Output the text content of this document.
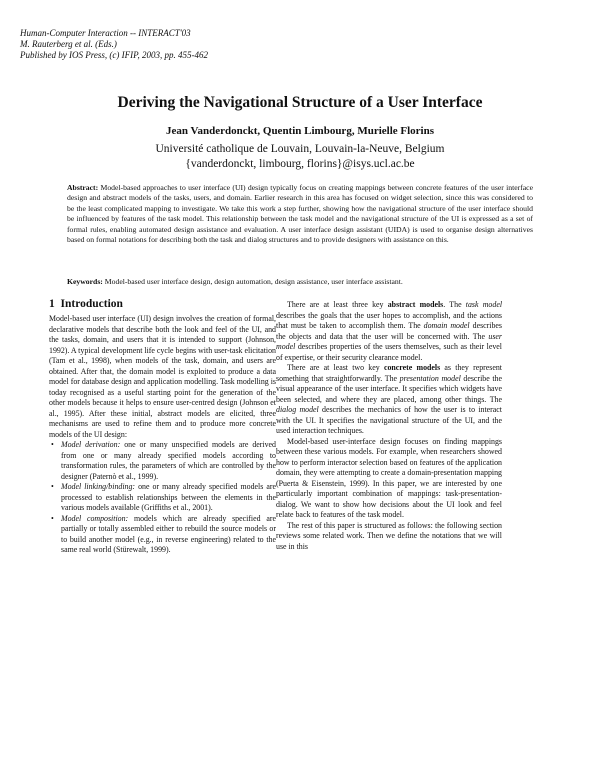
Human-Computer Interaction -- INTERACT'03
M. Rauterberg et al. (Eds.)
Published by IOS Press, (c) IFIP, 2003, pp. 455-462
Deriving the Navigational Structure of a User Interface
Jean Vanderdonckt, Quentin Limbourg, Murielle Florins
Université catholique de Louvain, Louvain-la-Neuve, Belgium
{vanderdonckt, limbourg, florins}@isys.ucl.ac.be
Abstract: Model-based approaches to user interface (UI) design typically focus on creating mappings between concrete features of the user interface design and abstract models of the tasks, users, and domain. Earlier research in this area has focused on widget selection, since this was considered to be the least complicated mapping to investigate. We take this work a step further, showing how the navigational structure of the user interface should be influenced by features of the task model. This relationship between the task model and the navigational structure of the UI is expressed as a set of formal rules, enabling automated design assistance and evaluation. A user interface design assistant (UIDA) is used to organise design alternatives based on formal notations for describing both the task and dialog structures and to provide designers with assistance on this.
Keywords: Model-based user interface design, design automation, design assistance, user interface assistant.
1 Introduction

Model-based user interface (UI) design involves the creation of formal, declarative models that describe both the look and feel of the UI, and the tasks, domain, and users that it is intended to support (Johnson, 1992). A typical development life cycle begins with user-task elicitation (Tam et al., 1998), when models of the task, domain, and users are obtained. After that, the domain model is exploited to produce a data model for database design and application modelling. Task modelling is today recognised as a useful starting point for the generation of the other models because it helps to ensure user-centred design (Johnson et al., 1995). After these initial, abstract models are elicited, three mechanisms are used to refine them and to produce more concrete models of the UI design:

• Model derivation: one or many unspecified models are derived from one or many already specified models according to transformation rules, the parameters of which are controlled by the designer (Paternò et al., 1999).
• Model linking/binding: one or many already specified models are processed to establish relationships between the elements in the various models available (Griffiths et al., 2001).
• Model composition: models which are already specified are partially or totally assembled either to rebuild the source models or to build another model (e.g., in reverse engineering) related to the same real world (Stürewalt, 1999).

There are at least three key abstract models. The task model describes the goals that the user hopes to accomplish, and the actions that must be taken to accomplish them. The domain model describes the objects and data that the user will be concerned with. The user model describes properties of the users themselves, such as their level of expertise, or their security clearance model.

There are at least two key concrete models as they represent something that straightforwardly. The presentation model describe the visual appearance of the user interface. It specifies which widgets have been selected, and where they are placed, among other things. The dialog model describes the mechanics of how the user is to interact with the UI. It specifies the navigational structure of the UI, and the used interaction techniques.

Model-based user-interface design focuses on finding mappings between these various models. For example, when researchers showed how to perform interactor selection based on features of the application domain, they were attempting to create a domain-presentation mapping (Puerta & Eisenstein, 1999). In this paper, we are interested by one particularly important combination of mappings: task-presentation-dialog. We want to show how decisions about the UI look and feel relate back to features of the task model.

The rest of this paper is structured as follows: the following section reviews some related work. Then we define the notations that we will use in this
